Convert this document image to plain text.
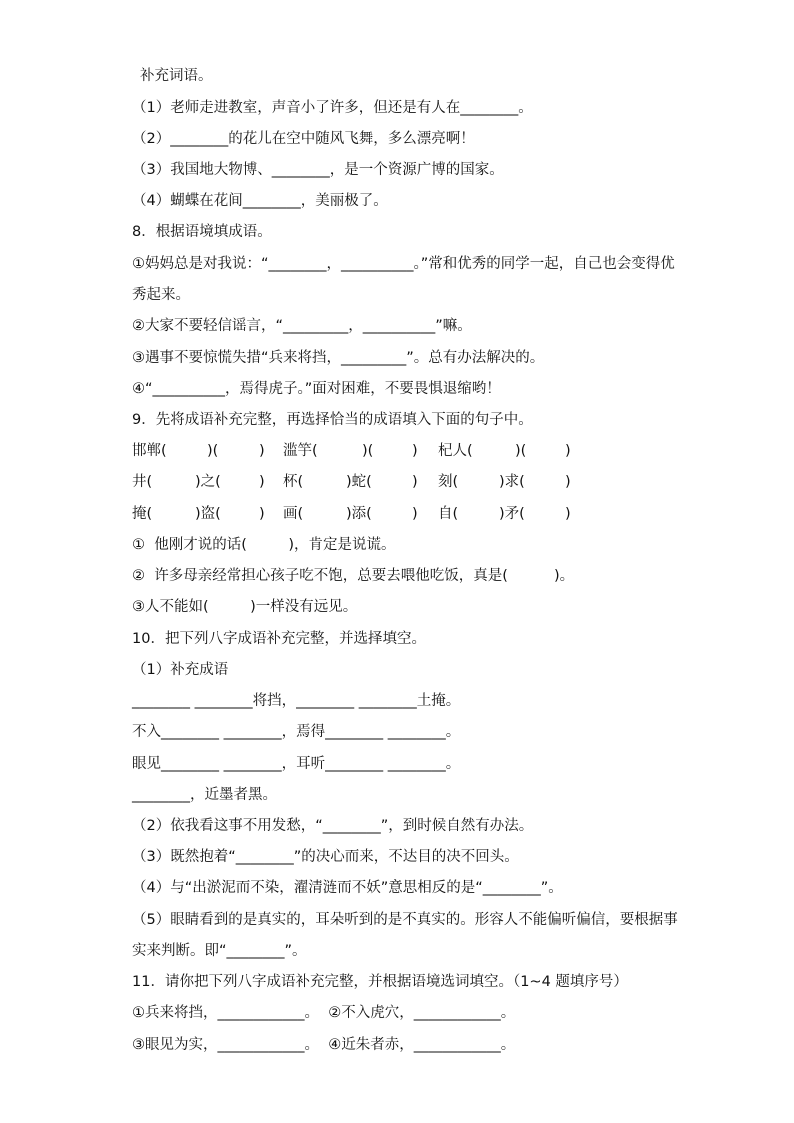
补充词语。
（1）老师走进教室，声音小了许多，但还是有人在________。
（2）________的花儿在空中随风飞舞，多么漂亮啊！
（3）我国地大物博、________，是一个资源广博的国家。
（4）蝴蝶在花间________，美丽极了。
8．根据语境填成语。
①妈妈总是对我说：“________，__________。”常和优秀的同学一起，自己也会变得优
秀起来。
②大家不要轻信谣言，“_________，__________”嘛。
③遇事不要惊慌失措“兵来将挡，_________”。总有办法解决的。
④“__________，焉得虎子。”面对困难，不要畏惧退缩哟！
9．先将成语补充完整，再选择恰当的成语填入下面的句子中。
邯郸(	)(	) 滥竽(	)(	) 杞人(	)(	)
井(	)之(	) 杯(	)蛇(	) 刻(	)求(	)
掩(	)盗(	) 画(	)添(	) 自(	)矛(	)
①  他刚才说的话(         )，肯定是说谎。
②  许多母亲经常担心孩子吃不饱，总要去喂他吃饭，真是(          )。
③人不能如(         )一样没有远见。
10．把下列八字成语补充完整，并选择填空。
（1）补充成语
________ ________将挡，________ ________土掩。
不入________ ________，焉得________ ________。
眼见________ ________，耳听________ ________。
________，近墨者黑。
（2）依我看这事不用发愁，“________”，到时候自然有办法。
（3）既然抱着“________”的决心而来，不达目的决不回头。
（4）与“出淤泥而不染，濯清涟而不妖”意思相反的是“________”。
（5）眼睛看到的是真实的，耳朵听到的是不真实的。形容人不能偏听偏信，要根据事
实来判断。即“________”。
11．请你把下列八字成语补充完整，并根据语境选词填空。（1~4 题填序号）
①兵来将挡，____________。  ②不入虎穴，____________。
③眼见为实，____________。  ④近朱者赤，____________。
